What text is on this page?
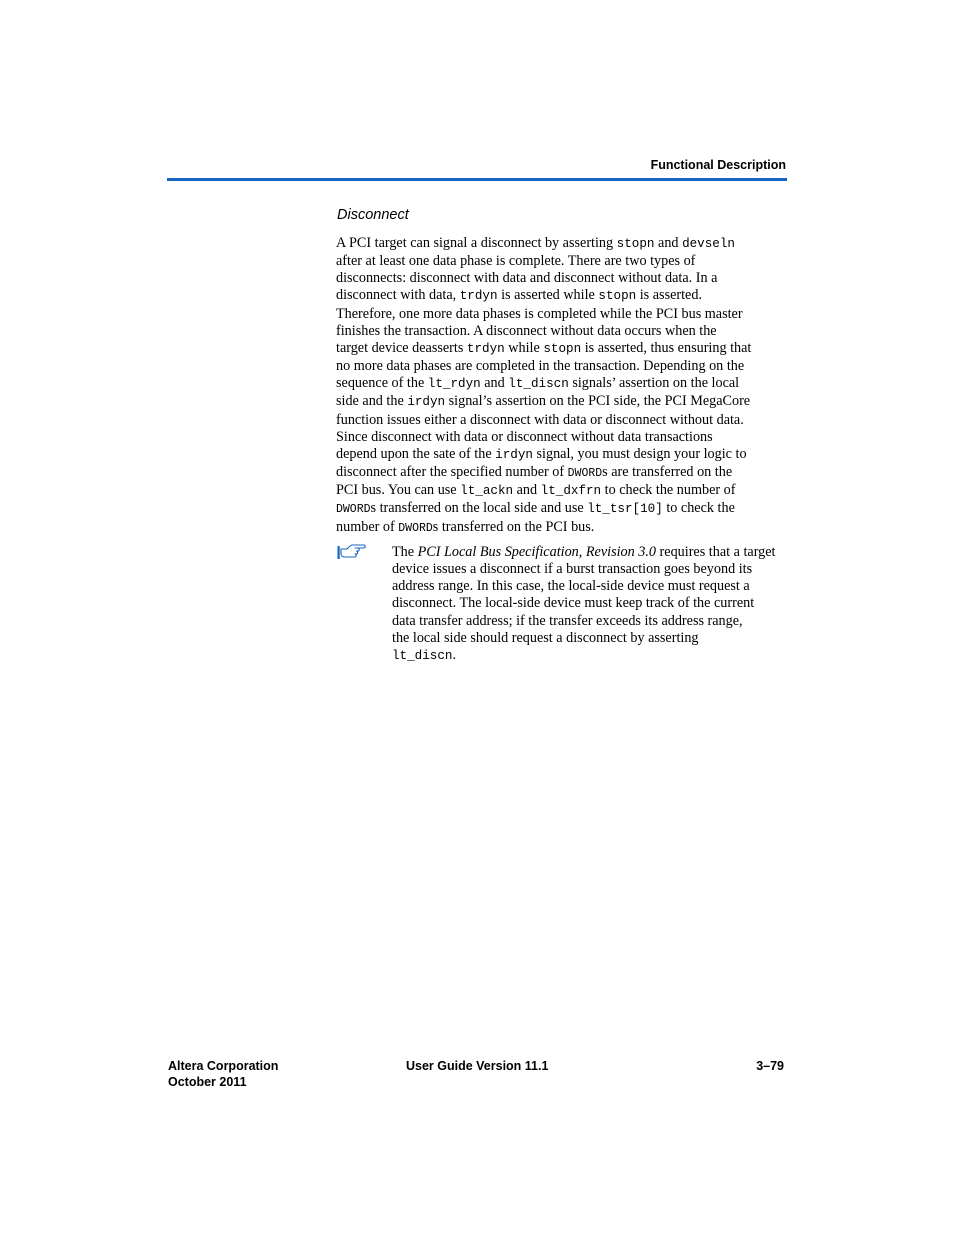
Functional Description
Disconnect
A PCI target can signal a disconnect by asserting stopn and devseln
after at least one data phase is complete. There are two types of
disconnects: disconnect with data and disconnect without data. In a
disconnect with data, trdyn is asserted while stopn is asserted.
Therefore, one more data phases is completed while the PCI bus master
finishes the transaction. A disconnect without data occurs when the
target device deasserts trdyn while stopn is asserted, thus ensuring that
no more data phases are completed in the transaction. Depending on the
sequence of the lt_rdyn and lt_discn signals’ assertion on the local
side and the irdyn signal’s assertion on the PCI side, the PCI MegaCore
function issues either a disconnect with data or disconnect without data.
Since disconnect with data or disconnect without data transactions
depend upon the sate of the irdyn signal, you must design your logic to
disconnect after the specified number of DWORDs are transferred on the
PCI bus. You can use lt_ackn and lt_dxfrn to check the number of
DWORDs transferred on the local side and use lt_tsr[10] to check the
number of DWORDs transferred on the PCI bus.
The PCI Local Bus Specification, Revision 3.0 requires that a target
device issues a disconnect if a burst transaction goes beyond its
address range. In this case, the local-side device must request a
disconnect. The local-side device must keep track of the current
data transfer address; if the transfer exceeds its address range,
the local side should request a disconnect by asserting
lt_discn.
Altera Corporation
October 2011
User Guide Version 11.1	3–79
